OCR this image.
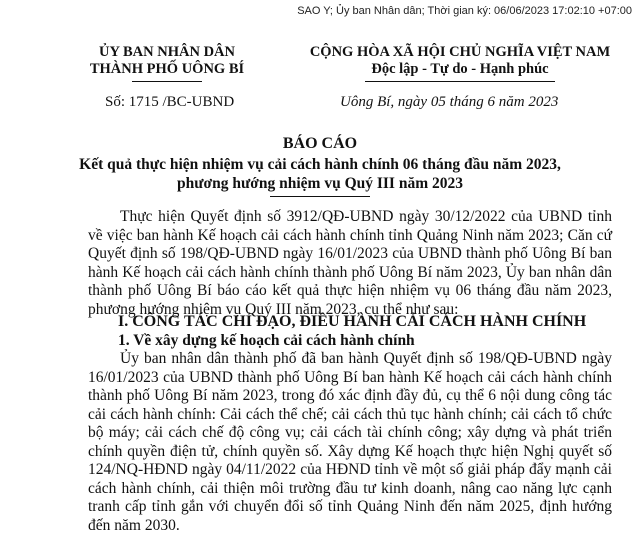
SAO Y; Ủy ban Nhân dân; Thời gian ký: 06/06/2023 17:02:10 +07:00
ỦY BAN NHÂN DÂN
THÀNH PHỐ UÔNG BÍ
CỘNG HÒA XÃ HỘI CHỦ NGHĨA VIỆT NAM
Độc lập - Tự do - Hạnh phúc
Số: 1715 /BC-UBND	Uông Bí, ngày 05 tháng 6 năm 2023
BÁO CÁO
Kết quả thực hiện nhiệm vụ cải cách hành chính 06 tháng đầu năm 2023,
phương hướng nhiệm vụ Quý III năm 2023

Thực hiện Quyết định số 3912/QĐ-UBND ngày 30/12/2022 của UBND tỉnh về việc ban hành Kế hoạch cải cách hành chính tỉnh Quảng Ninh năm 2023; Căn cứ Quyết định số 198/QĐ-UBND ngày 16/01/2023 của UBND thành phố Uông Bí ban hành Kế hoạch cải cách hành chính thành phố Uông Bí năm 2023, Ủy ban nhân dân thành phố Uông Bí báo cáo kết quả thực hiện nhiệm vụ 06 tháng đầu năm 2023, phương hướng nhiệm vụ Quý III năm 2023, cụ thể như sau:

I. CÔNG TÁC CHỈ ĐẠO, ĐIỀU HÀNH CẢI CÁCH HÀNH CHÍNH
1. Về xây dựng kế hoạch cải cách hành chính

Ủy ban nhân dân thành phố đã ban hành Quyết định số 198/QĐ-UBND ngày 16/01/2023 của UBND thành phố Uông Bí ban hành Kế hoạch cải cách hành chính thành phố Uông Bí năm 2023, trong đó xác định đầy đủ, cụ thể 6 nội dung công tác cải cách hành chính: Cải cách thể chế; cải cách thủ tục hành chính; cải cách tổ chức bộ máy; cải cách chế độ công vụ; cải cách tài chính công; xây dựng và phát triển chính quyền điện tử, chính quyền số. Xây dựng Kế hoạch thực hiện Nghị quyết số 124/NQ-HĐND ngày 04/11/2022 của HĐND tỉnh về một số giải pháp đẩy mạnh cải cách hành chính, cải thiện môi trường đầu tư kinh doanh, nâng cao năng lực cạnh tranh cấp tỉnh gắn với chuyển đổi số tỉnh Quảng Ninh đến năm 2025, định hướng đến năm 2030.
